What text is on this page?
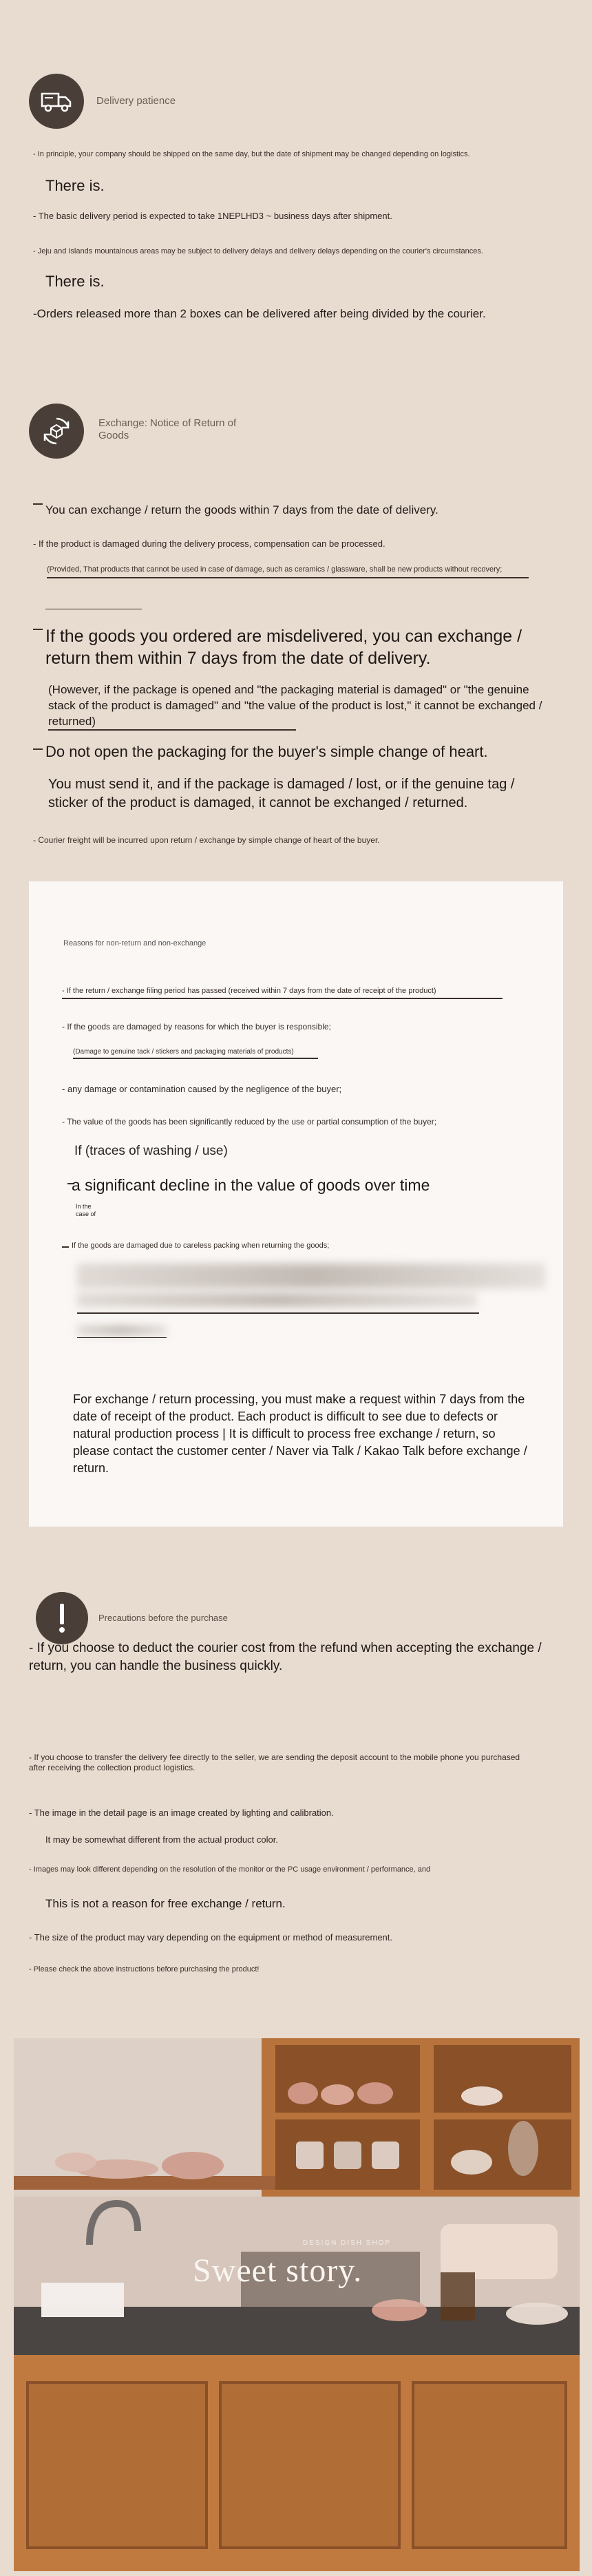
Delivery patience
- In principle, your company should be shipped on the same day, but the date of shipment may be changed depending on logistics.
There is.
- The basic delivery period is expected to take 1NEPLHD3 ~ business days after shipment.
- Jeju and Islands mountainous areas may be subject to delivery delays and delivery delays depending on the courier's circumstances.
There is.
-Orders released more than 2 boxes can be delivered after being divided by the courier.
Exchange: Notice of Return of Goods
You can exchange / return the goods within 7 days from the date of delivery.
- If the product is damaged during the delivery process, compensation can be processed.
(Provided, That products that cannot be used in case of damage, such as ceramics / glassware, shall be new products without recovery;
If the goods you ordered are misdelivered, you can exchange / return them within 7 days from the date of delivery.
(However, if the package is opened and "the packaging material is damaged" or "the genuine stack of the product is damaged" and "the value of the product is lost," it cannot be exchanged / returned)
Do not open the packaging for the buyer's simple change of heart.
You must send it, and if the package is damaged / lost, or if the genuine tag / sticker of the product is damaged, it cannot be exchanged / returned.
- Courier freight will be incurred upon return / exchange by simple change of heart of the buyer.
Reasons for non-return and non-exchange
- If the return / exchange filing period has passed (received within 7 days from the date of receipt of the product)
- If the goods are damaged by reasons for which the buyer is responsible;
(Damage to genuine tack / stickers and packaging materials of products)
- any damage or contamination caused by the negligence of the buyer;
- The value of the goods has been significantly reduced by the use or partial consumption of the buyer;
If (traces of washing / use)
a significant decline in the value of goods over time
In the case of
If the goods are damaged due to careless packing when returning the goods;
For exchange / return processing, you must make a request within 7 days from the date of receipt of the product. Each product is difficult to see due to defects or natural production process | It is difficult to process free exchange / return, so please contact the customer center / Naver via Talk / Kakao Talk before exchange / return.
Precautions before the purchase
- If you choose to deduct the courier cost from the refund when accepting the exchange / return, you can handle the business quickly.
- If you choose to transfer the delivery fee directly to the seller, we are sending the deposit account to the mobile phone you purchased after receiving the collection product logistics.
- The image in the detail page is an image created by lighting and calibration.
It may be somewhat different from the actual product color.
- Images may look different depending on the resolution of the monitor or the PC usage environment / performance, and
This is not a reason for free exchange / return.
- The size of the product may vary depending on the equipment or method of measurement.
- Please check the above instructions before purchasing the product!
DESIGN DISH SHOP
Sweet story.
